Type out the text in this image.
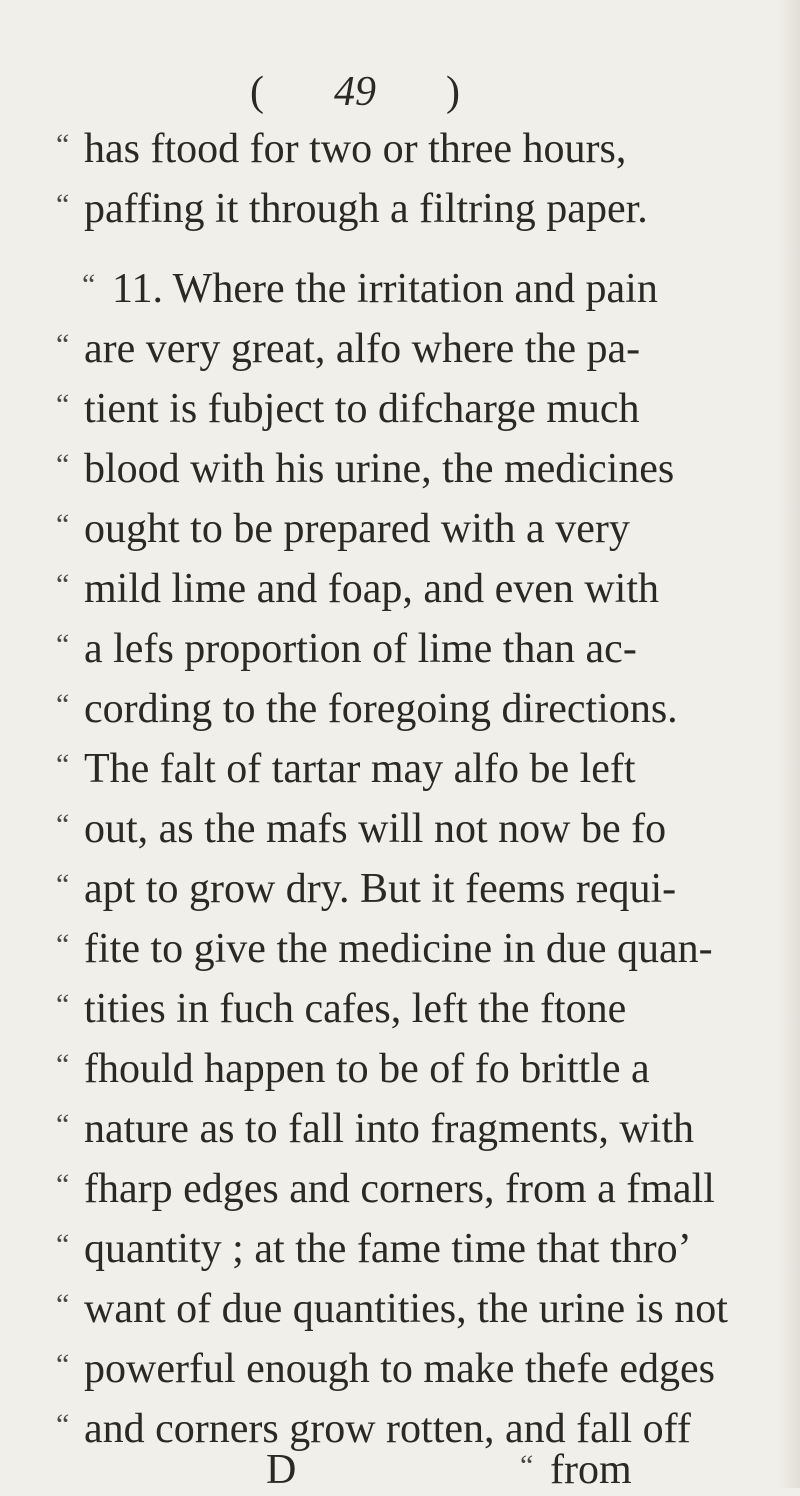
(	49	)
“ has ftood for two or three hours,
“ paffing it through a filtring paper.
“ 11. Where the irritation and pain
“ are very great, alfo where the pa-
“ tient is fubject to difcharge much
“ blood with his urine, the medicines
“ ought to be prepared with a very
“ mild lime and foap, and even with
“ a lefs proportion of lime than ac-
“ cording to the foregoing directions.
“ The falt of tartar may alfo be left
“ out, as the mafs will not now be fo
“ apt to grow dry. But it feems requi-
“ fite to give the medicine in due quan-
“ tities in fuch cafes, left the ftone
“ fhould happen to be of fo brittle a
“ nature as to fall into fragments, with
“ fharp edges and corners, from a fmall
“ quantity ; at the fame time that thro’
“ want of due quantities, the urine is not
“ powerful enough to make thefe edges
“ and corners grow rotten, and fall off
D	“ from
